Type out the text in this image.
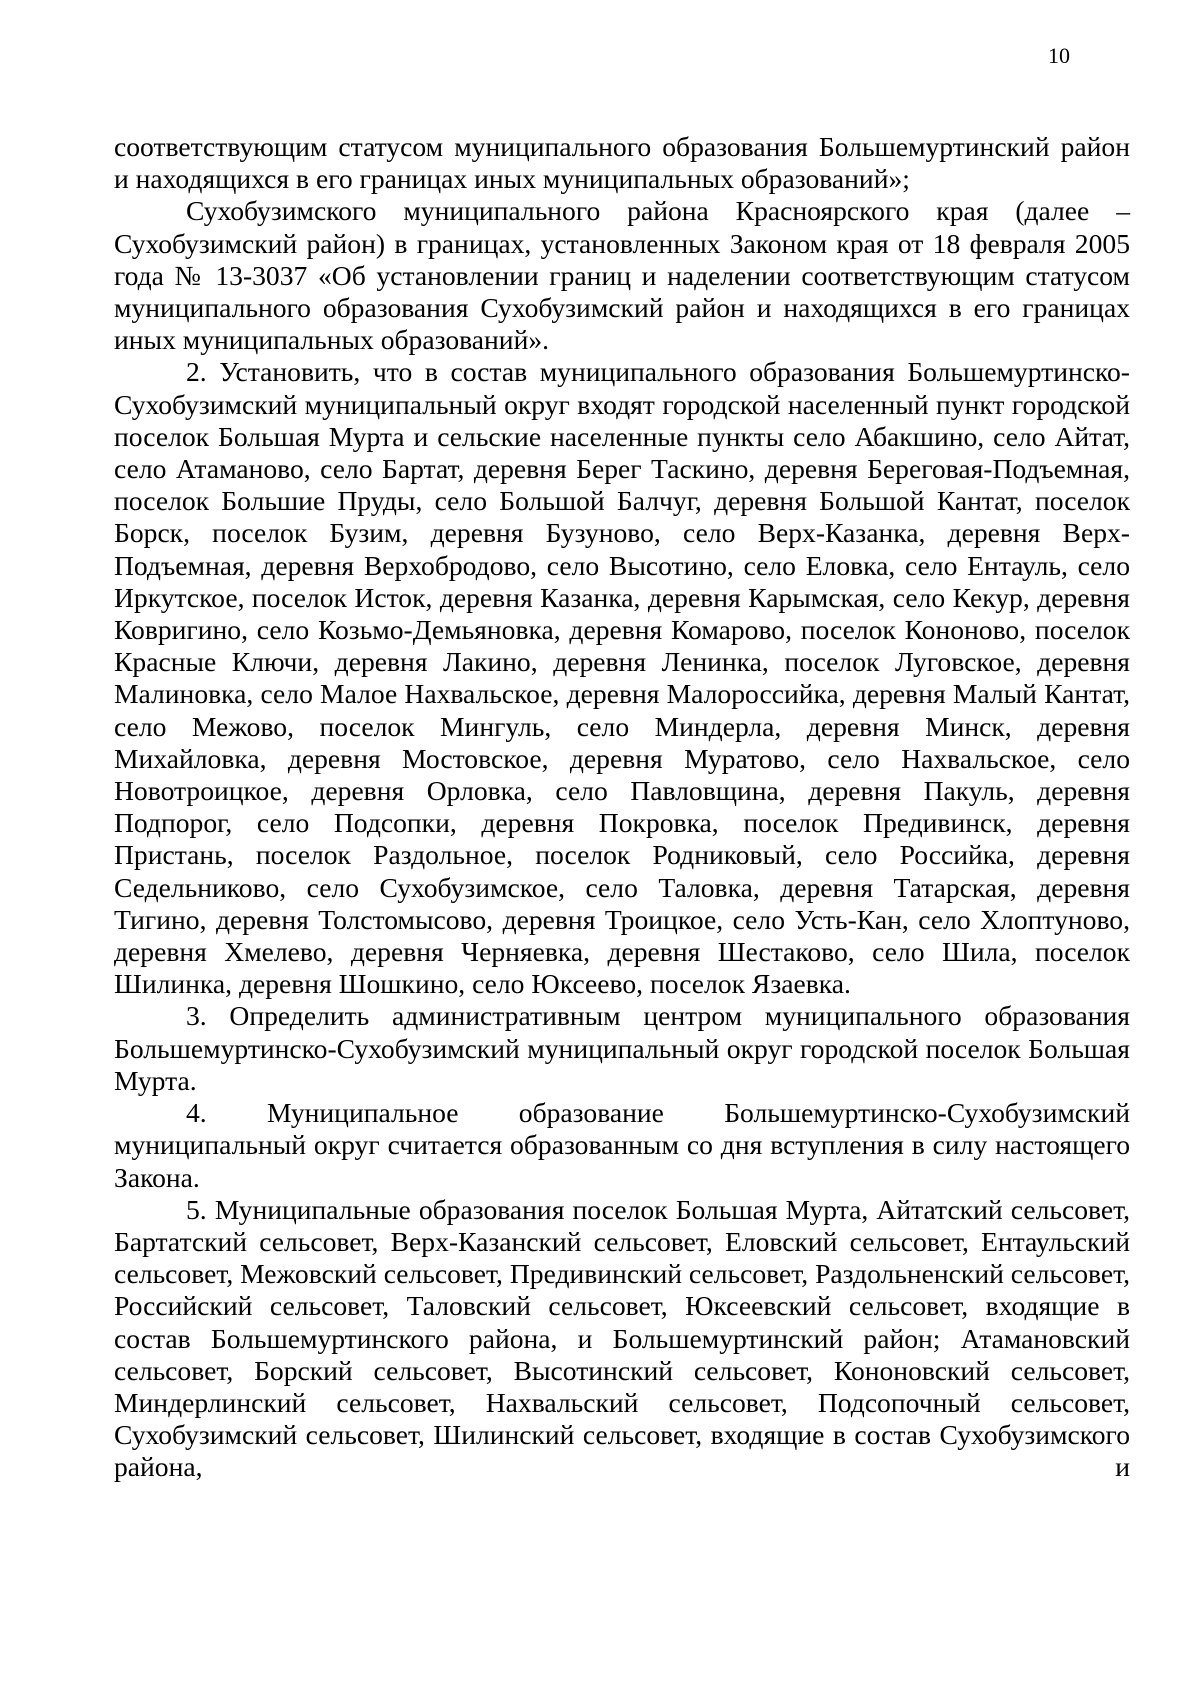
10

соответствующим статусом муниципального образования Большемуртинский район и находящихся в его границах иных муниципальных образований»;

Сухобузимского муниципального района Красноярского края (далее – Сухобузимский район) в границах, установленных Законом края от 18 февраля 2005 года № 13-3037 «Об установлении границ и наделении соответствующим статусом муниципального образования Сухобузимский район и находящихся в его границах иных муниципальных образований».

2. Установить, что в состав муниципального образования Большемуртинско-Сухобузимский муниципальный округ входят городской населенный пункт городской поселок Большая Мурта и сельские населенные пункты село Абакшино, село Айтат, село Атаманово, село Бартат, деревня Берег Таскино, деревня Береговая-Подъемная, поселок Большие Пруды, село Большой Балчуг, деревня Большой Кантат, поселок Борск, поселок Бузим, деревня Бузуново, село Верх-Казанка, деревня Верх-Подъемная, деревня Верхобродово, село Высотино, село Еловка, село Ентауль, село Иркутское, поселок Исток, деревня Казанка, деревня Карымская, село Кекур, деревня Ковригино, село Козьмо-Демьяновка, деревня Комарово, поселок Кононово, поселок Красные Ключи, деревня Лакино, деревня Ленинка, поселок Луговское, деревня Малиновка, село Малое Нахвальское, деревня Малороссийка, деревня Малый Кантат, село Межово, поселок Мингуль, село Миндерла, деревня Минск, деревня Михайловка, деревня Мостовское, деревня Муратово, село Нахвальское, село Новотроицкое, деревня Орловка, село Павловщина, деревня Пакуль, деревня Подпорог, село Подсопки, деревня Покровка, поселок Предивинск, деревня Пристань, поселок Раздольное, поселок Родниковый, село Российка, деревня Седельниково, село Сухобузимское, село Таловка, деревня Татарская, деревня Тигино, деревня Толстомысово, деревня Троицкое, село Усть-Кан, село Хлоптуново, деревня Хмелево, деревня Черняевка, деревня Шестаково, село Шила, поселок Шилинка, деревня Шошкино, село Юксеево, поселок Язаевка.

3. Определить административным центром муниципального образования Большемуртинско-Сухобузимский муниципальный округ городской поселок Большая Мурта.

4. Муниципальное образование Большемуртинско-Сухобузимский муниципальный округ считается образованным со дня вступления в силу настоящего Закона.

5. Муниципальные образования поселок Большая Мурта, Айтатский сельсовет, Бартатский сельсовет, Верх-Казанский сельсовет, Еловский сельсовет, Ентаульский сельсовет, Межовский сельсовет, Предивинский сельсовет, Раздольненский сельсовет, Российский сельсовет, Таловский сельсовет, Юксеевский сельсовет, входящие в состав Большемуртинского района, и Большемуртинский район; Атамановский сельсовет, Борский сельсовет, Высотинский сельсовет, Кононовский сельсовет, Миндерлинский сельсовет, Нахвальский сельсовет, Подсопочный сельсовет, Сухобузимский сельсовет, Шилинский сельсовет, входящие в состав Сухобузимского района, и
